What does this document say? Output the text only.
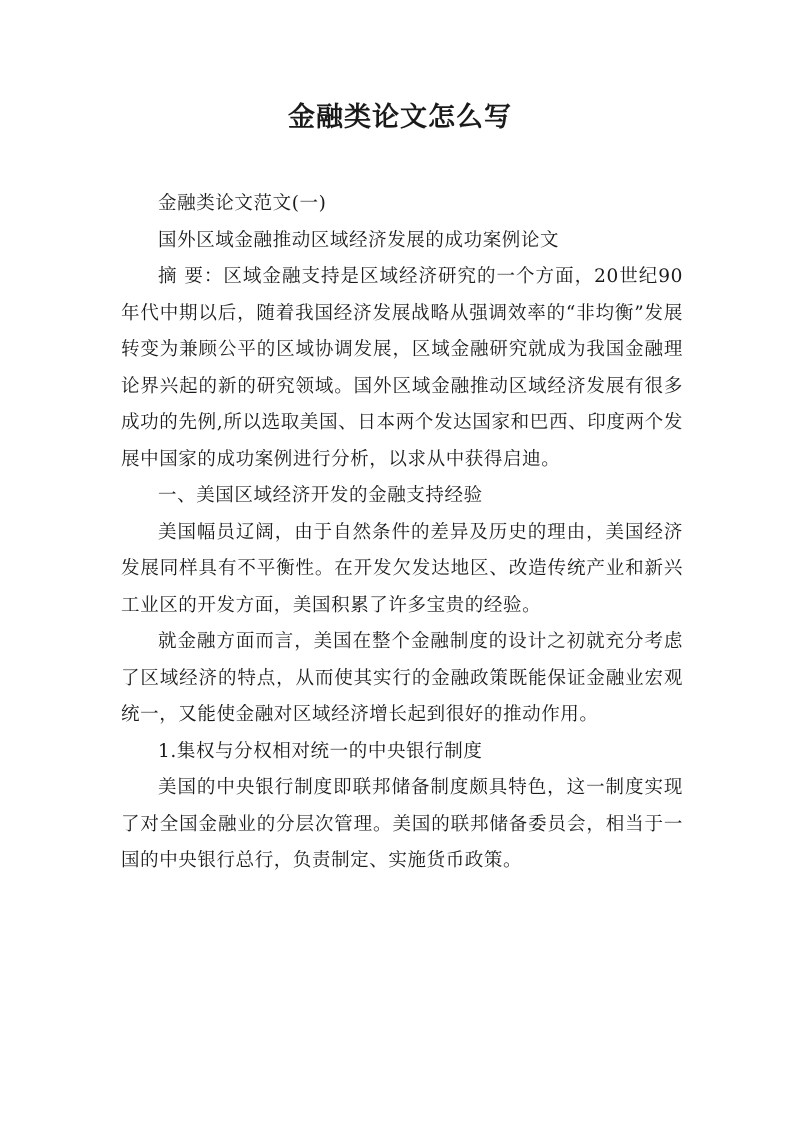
金融类论文怎么写

金融类论文范文(一)

国外区域金融推动区域经济发展的成功案例论文

摘 要：区域金融支持是区域经济研究的一个方面，20世纪90年代中期以后，随着我国经济发展战略从强调效率的“非均衡”发展转变为兼顾公平的区域协调发展，区域金融研究就成为我国金融理论界兴起的新的研究领域。国外区域金融推动区域经济发展有很多成功的先例,所以选取美国、日本两个发达国家和巴西、印度两个发展中国家的成功案例进行分析，以求从中获得启迪。

一、美国区域经济开发的金融支持经验

美国幅员辽阔，由于自然条件的差异及历史的理由，美国经济发展同样具有不平衡性。在开发欠发达地区、改造传统产业和新兴工业区的开发方面，美国积累了许多宝贵的经验。

就金融方面而言，美国在整个金融制度的设计之初就充分考虑了区域经济的特点，从而使其实行的金融政策既能保证金融业宏观统一，又能使金融对区域经济增长起到很好的推动作用。

1.集权与分权相对统一的中央银行制度

美国的中央银行制度即联邦储备制度颇具特色，这一制度实现了对全国金融业的分层次管理。美国的联邦储备委员会，相当于一国的中央银行总行，负责制定、实施货币政策。
